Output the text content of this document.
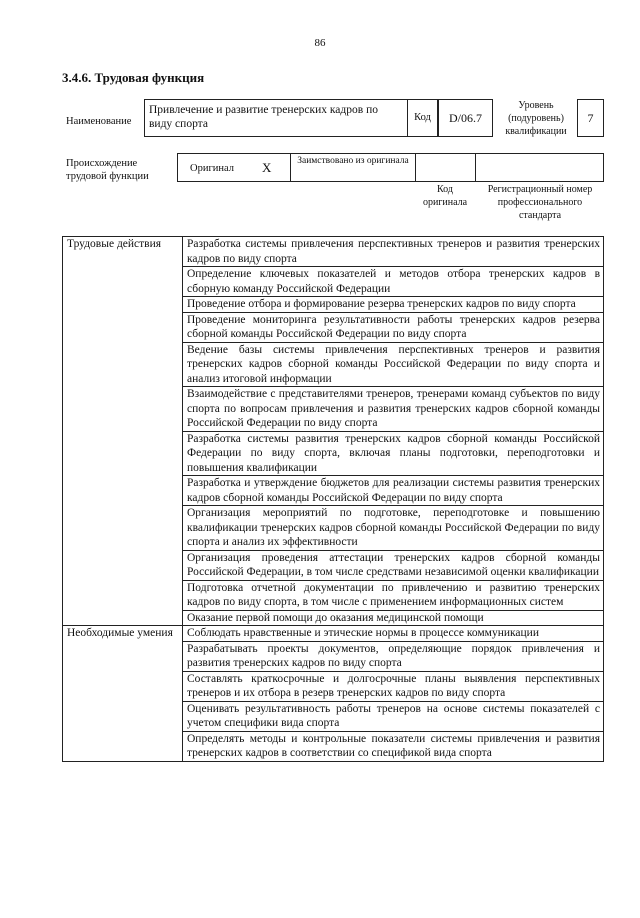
86
3.4.6. Трудовая функция
Наименование
Привлечение и развитие тренерских кадров по виду спорта
Код D/06.7
Уровень (подуровень) квалификации
7
Происхождение трудовой функции
Оригинал X	Заимствовано из оригинала
Код оригинала
Регистрационный номер профессионального стандарта
Трудовые действия	Разработка системы привлечения перспективных тренеров и развития тренерских кадров по виду спорта
	Определение ключевых показателей и методов отбора тренерских кадров в сборную команду Российской Федерации
	Проведение отбора и формирование резерва тренерских кадров по виду спорта
	Проведение мониторинга результативности работы тренерских кадров резерва сборной команды Российской Федерации по виду спорта
	Ведение базы системы привлечения перспективных тренеров и развития тренерских кадров сборной команды Российской Федерации по виду спорта и анализ итоговой информации
	Взаимодействие с представителями тренеров, тренерами команд субъектов по виду спорта по вопросам привлечения и развития тренерских кадров сборной команды Российской Федерации по виду спорта
	Разработка системы развития тренерских кадров сборной команды Российской Федерации по виду спорта, включая планы подготовки, переподготовки и повышения квалификации
	Разработка и утверждение бюджетов для реализации системы развития тренерских кадров сборной команды Российской Федерации по виду спорта
	Организация мероприятий по подготовке, переподготовке и повышению квалификации тренерских кадров сборной команды Российской Федерации по виду спорта и анализ их эффективности
	Организация проведения аттестации тренерских кадров сборной команды Российской Федерации, в том числе средствами независимой оценки квалификации
	Подготовка отчетной документации по привлечению и развитию тренерских кадров по виду спорта, в том числе с применением информационных систем
	Оказание первой помощи до оказания медицинской помощи
Необходимые умения	Соблюдать нравственные и этические нормы в процессе коммуникации
	Разрабатывать проекты документов, определяющие порядок привлечения и развития тренерских кадров по виду спорта
	Составлять краткосрочные и долгосрочные планы выявления перспективных тренеров и их отбора в резерв тренерских кадров по виду спорта
	Оценивать результативность работы тренеров на основе системы показателей с учетом специфики вида спорта
	Определять методы и контрольные показатели системы привлечения и развития тренерских кадров в соответствии со спецификой вида спорта
